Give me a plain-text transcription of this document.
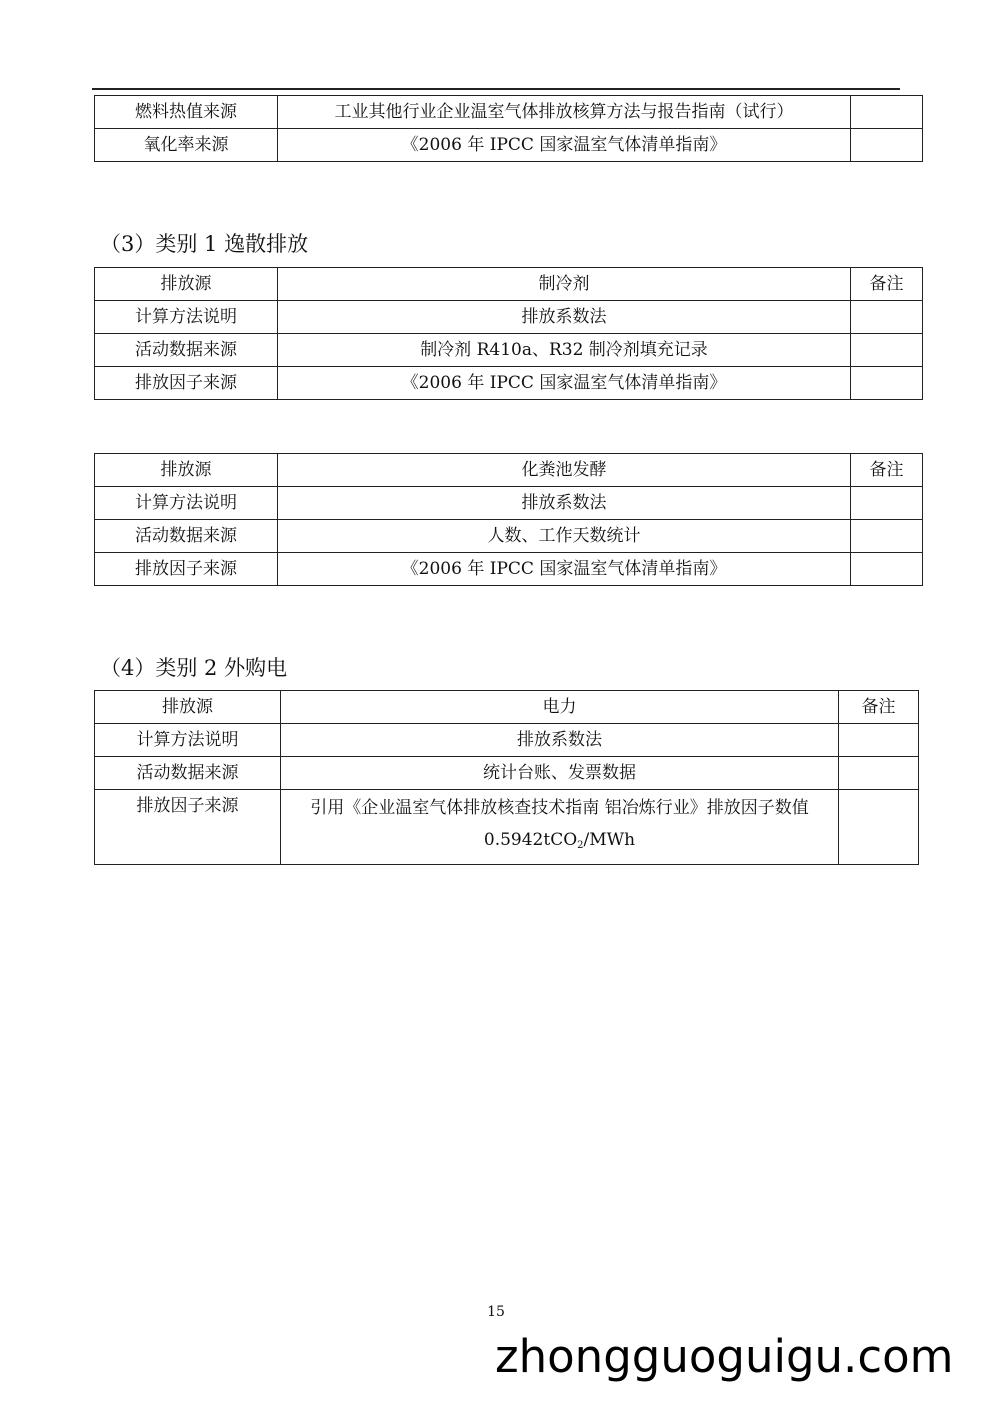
燃料热值来源	工业其他行业企业温室气体排放核算方法与报告指南（试行）	
氧化率来源	《2006 年 IPCC 国家温室气体清单指南》	
（3）类别 1 逸散排放
排放源	制冷剂	备注
计算方法说明	排放系数法	
活动数据来源	制冷剂 R410a、R32 制冷剂填充记录	
排放因子来源	《2006 年 IPCC 国家温室气体清单指南》	
排放源	化粪池发酵	备注
计算方法说明	排放系数法	
活动数据来源	人数、工作天数统计	
排放因子来源	《2006 年 IPCC 国家温室气体清单指南》	
（4）类别 2 外购电
排放源	电力	备注
计算方法说明	排放系数法	
活动数据来源	统计台账、发票数据	
排放因子来源	引用《企业温室气体排放核查技术指南 铝冶炼行业》排放因子数值 0.5942tCO$_2$/MWh	
15
zhongguoguigu.com
